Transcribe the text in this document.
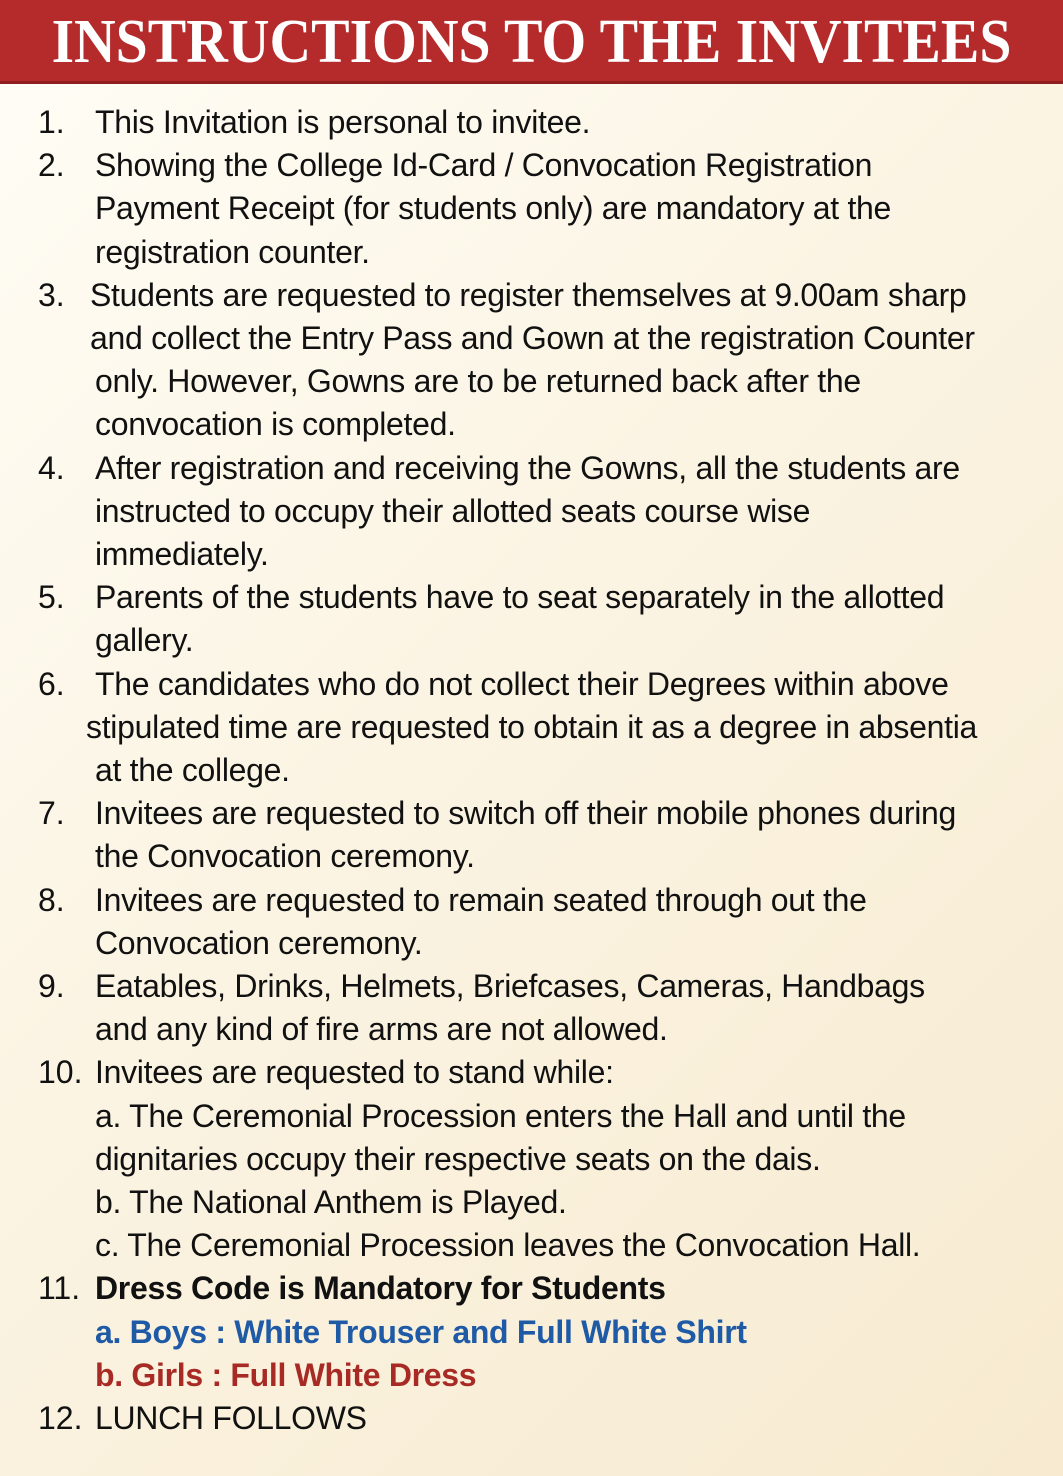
INSTRUCTIONS TO THE INVITEES
1. This Invitation is personal to invitee.
2. Showing the College Id-Card / Convocation Registration
Payment Receipt (for students only) are mandatory at the
registration counter.
3. Students are requested to register themselves at 9.00am sharp
and collect the Entry Pass and Gown at the registration Counter
only. However, Gowns are to be returned back after the
convocation is completed.
4. After registration and receiving the Gowns, all the students are
instructed to occupy their allotted seats course wise
immediately.
5. Parents of the students have to seat separately in the allotted
gallery.
6. The candidates who do not collect their Degrees within above
stipulated time are requested to obtain it as a degree in absentia
at the college.
7. Invitees are requested to switch off their mobile phones during
the Convocation ceremony.
8. Invitees are requested to remain seated through out the
Convocation ceremony.
9. Eatables, Drinks, Helmets, Briefcases, Cameras, Handbags
and any kind of fire arms are not allowed.
10. Invitees are requested to stand while:
a. The Ceremonial Procession enters the Hall and until the
dignitaries occupy their respective seats on the dais.
b. The National Anthem is Played.
c. The Ceremonial Procession leaves the Convocation Hall.
11. Dress Code is Mandatory for Students
a. Boys : White Trouser and Full White Shirt
b. Girls : Full White Dress
12. LUNCH FOLLOWS
